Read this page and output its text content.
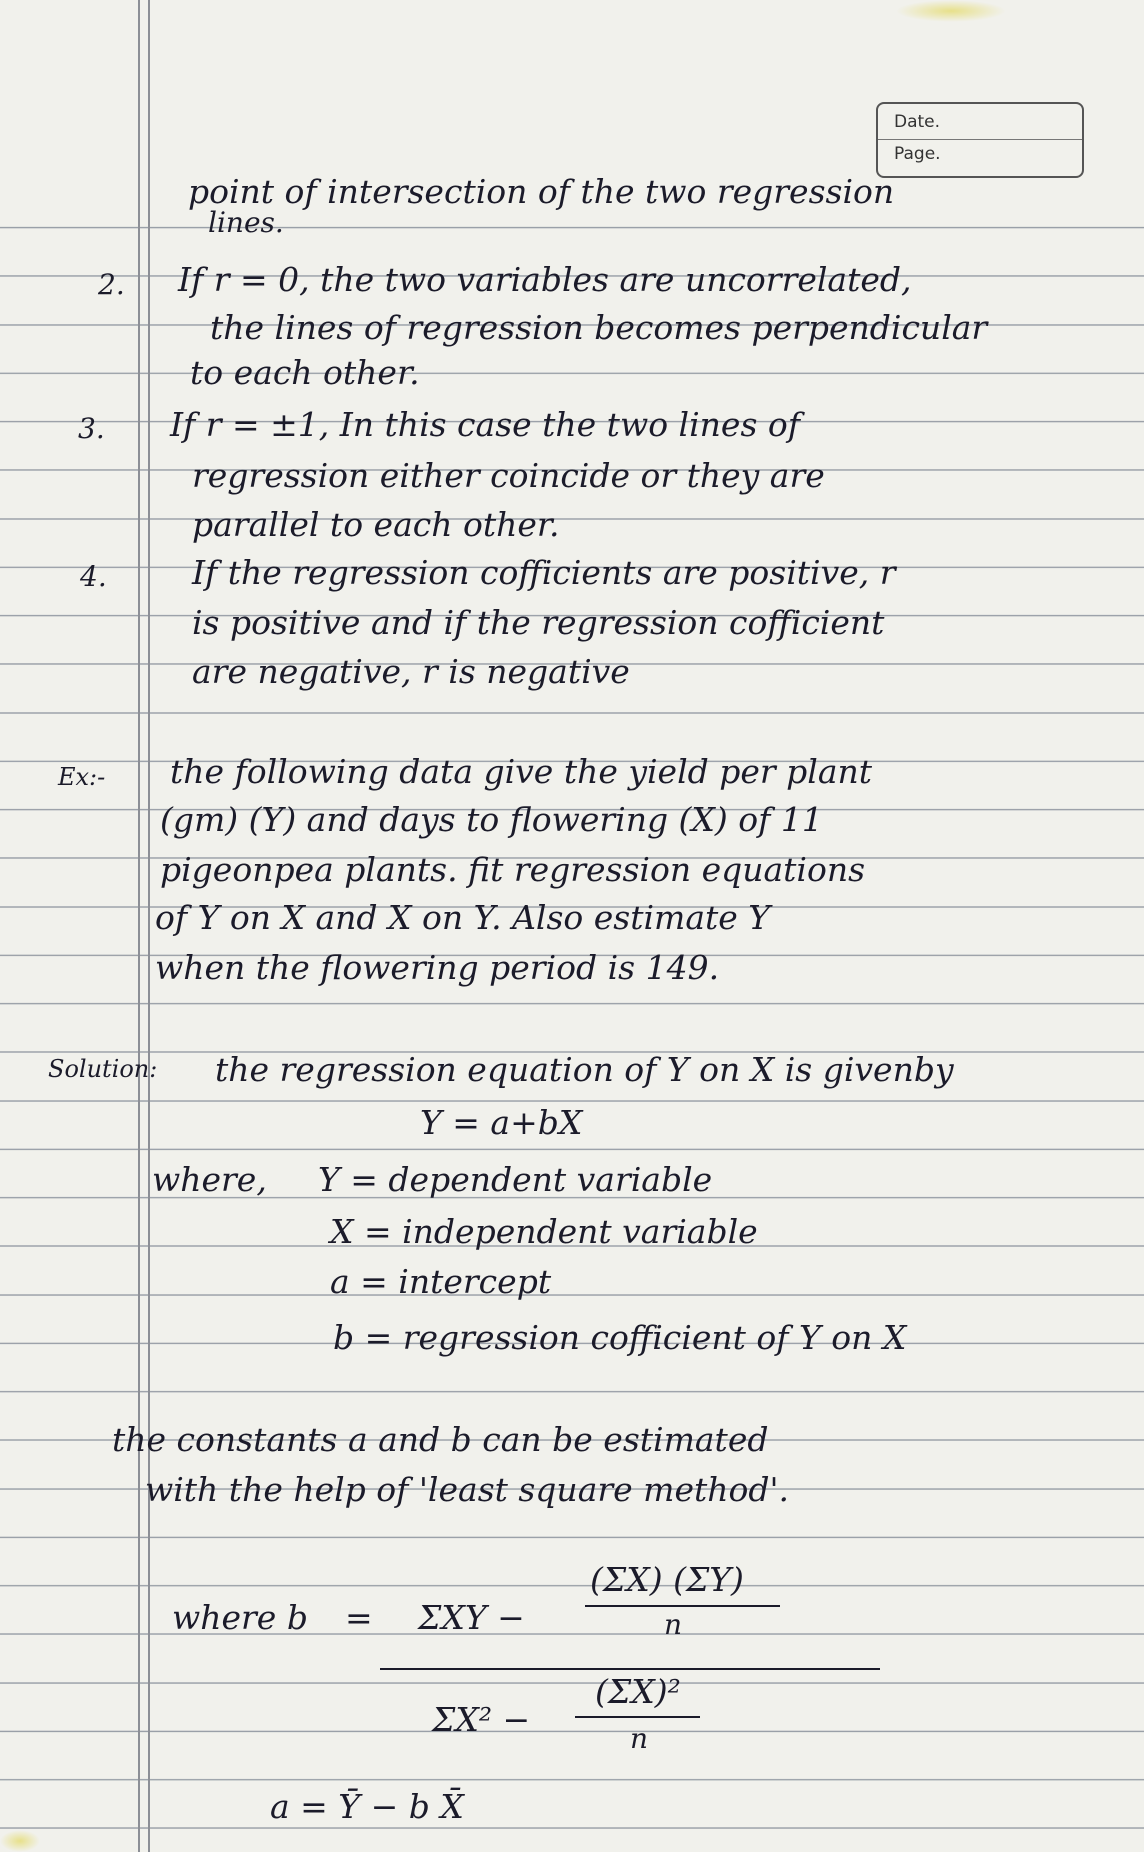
Date.
Page.
point of intersection of the two regression
lines.
2. If r = 0, the two variables are uncorrelated,
the lines of regression becomes perpendicular
to each other.
3. If r = ±1, In this case the two lines of
regression either coincide or they are
parallel to each other.
4.	If the regression cofficients are positive, r
is positive and if the regression cofficient
are negative, r is negative
Ex:- the following data give the yield per plant
(gm) (Y) and days to flowering (X) of 11
pigeonpea plants. fit regression equations
of Y on X and X on Y. Also estimate Y
when the flowering period is 149.
Solution: the regression equation of Y on X is givenby
Y = a+bX
where, Y = dependent variable
X = independent variable
a = intercept
b = regression cofficient of Y on X
the constants a and b can be estimated
with the help of 'least square method'.
where b = ΣXY −
(ΣX) (ΣY)
n
ΣX² −
(ΣX)²
n
a = Ȳ − b X̄
